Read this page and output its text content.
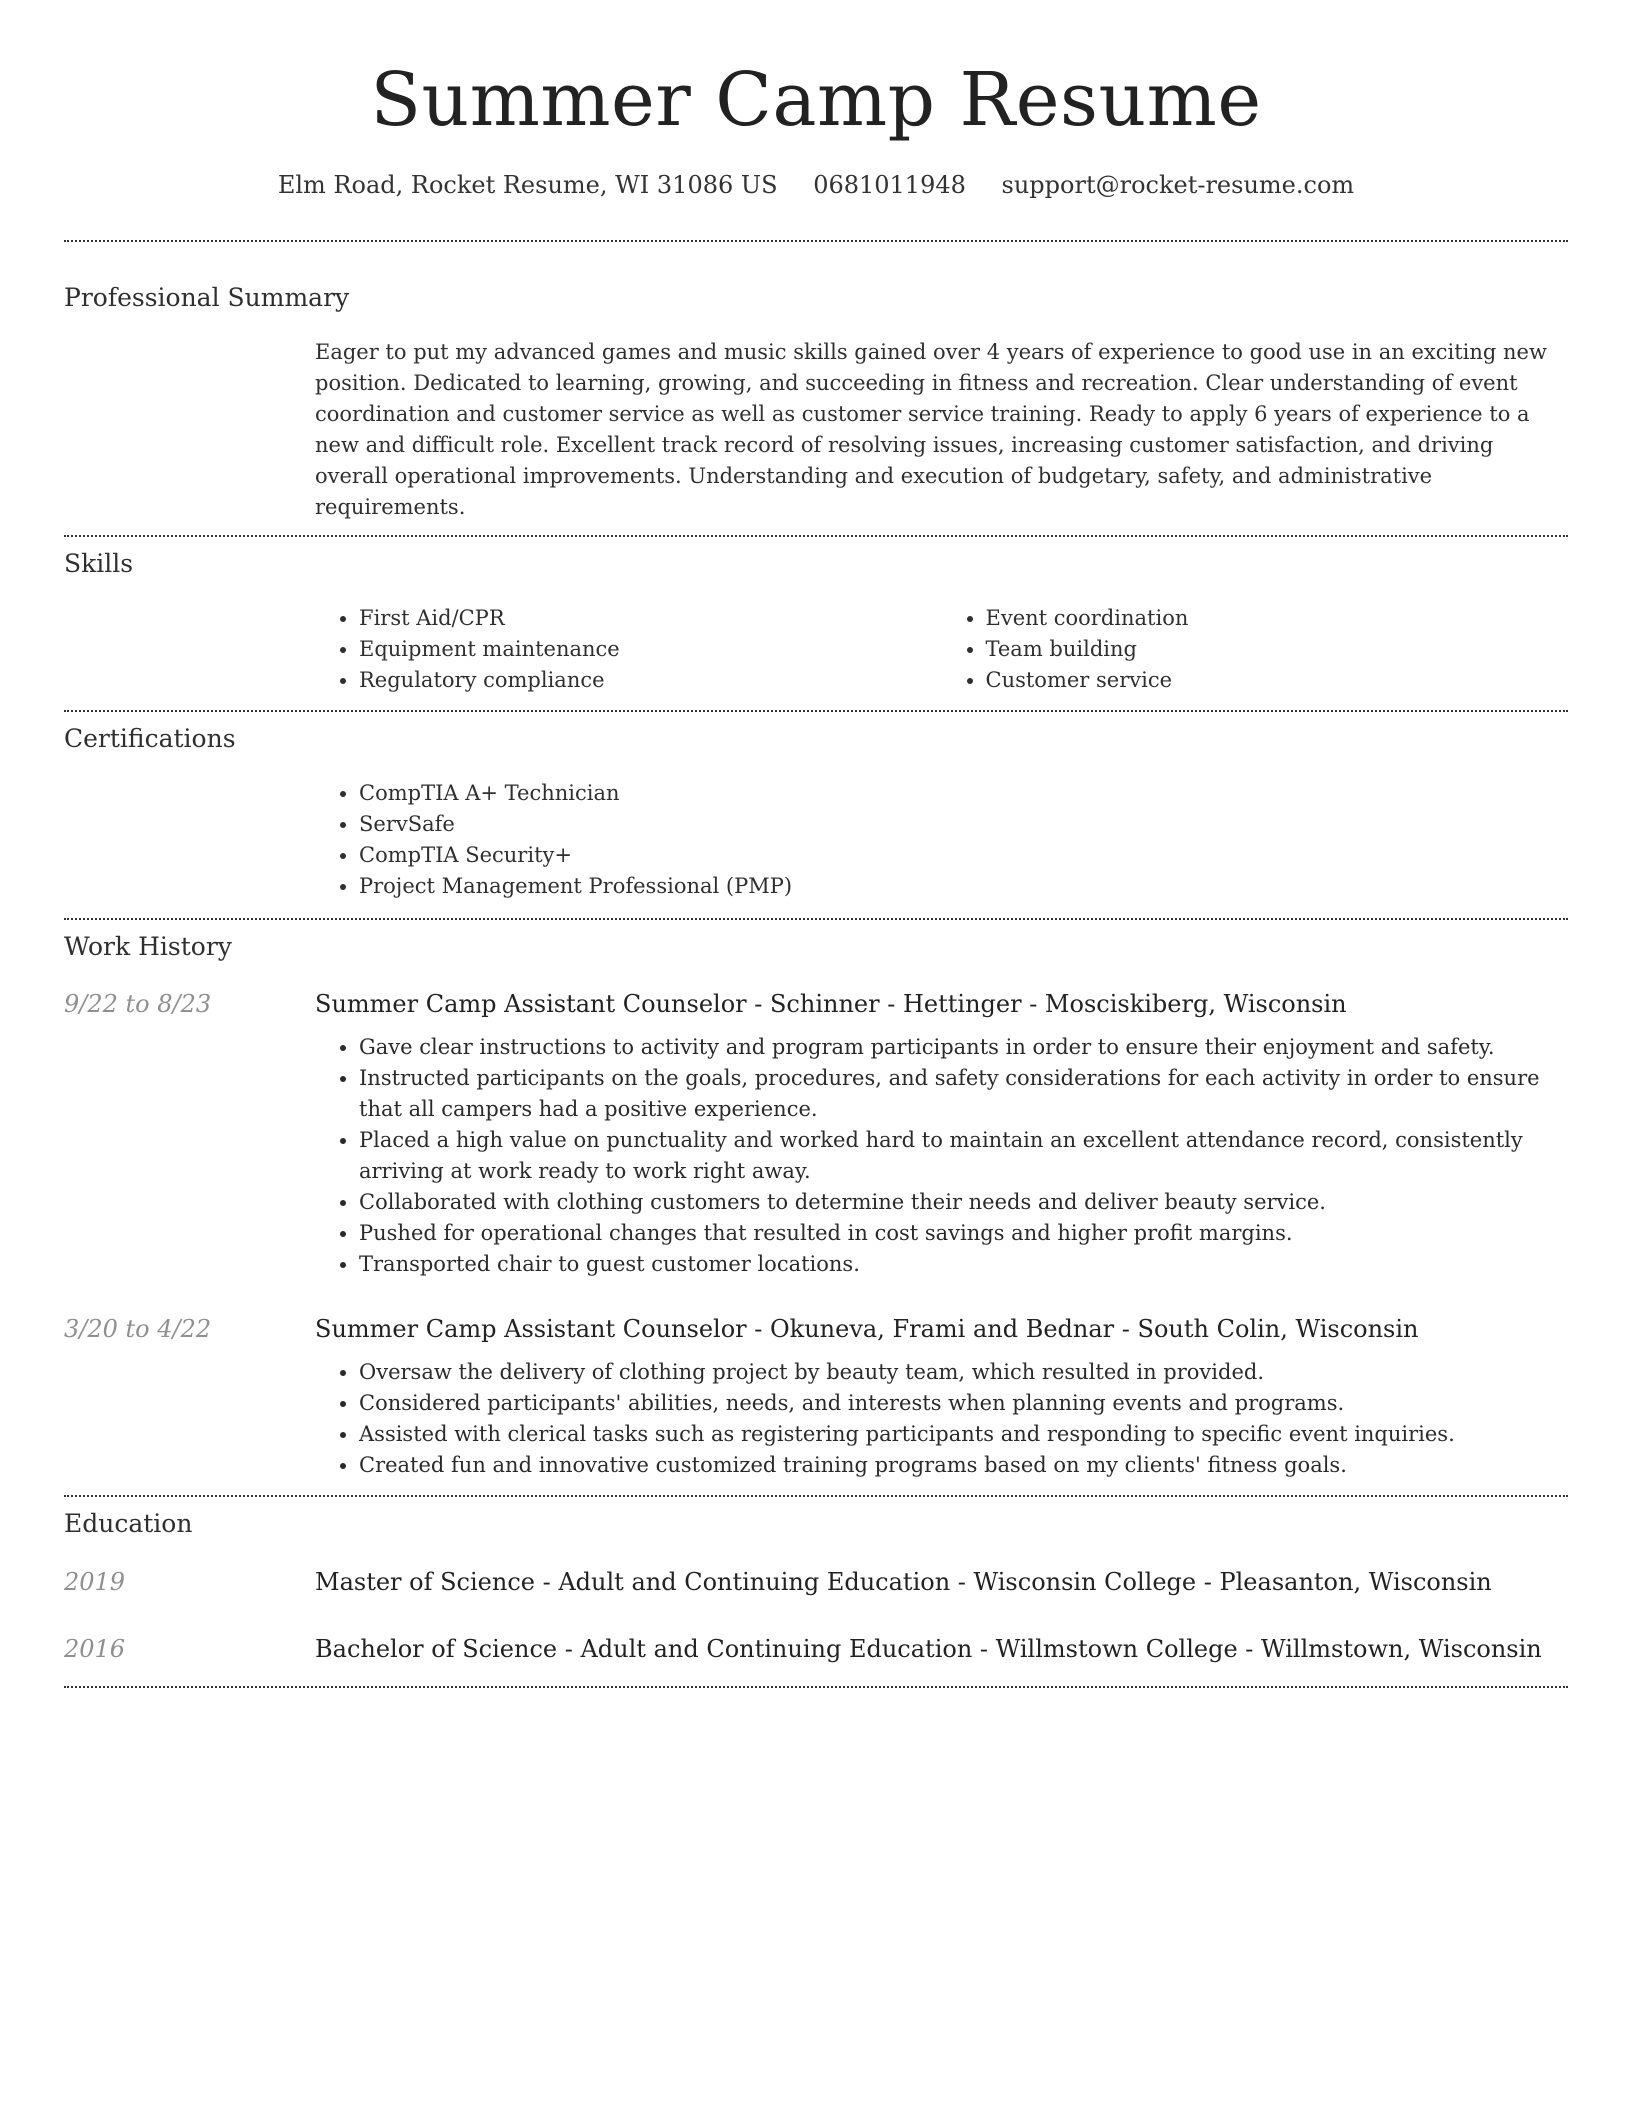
Summer Camp Resume
Elm Road, Rocket Resume, WI 31086 US 0681011948 support@rocket-resume.com
Professional Summary
Eager to put my advanced games and music skills gained over 4 years of experience to good use in an exciting new position. Dedicated to learning, growing, and succeeding in fitness and recreation. Clear understanding of event coordination and customer service as well as customer service training. Ready to apply 6 years of experience to a new and difficult role. Excellent track record of resolving issues, increasing customer satisfaction, and driving overall operational improvements. Understanding and execution of budgetary, safety, and administrative requirements.
Skills
• First Aid/CPR
• Equipment maintenance
• Regulatory compliance
• Event coordination
• Team building
• Customer service
Certifications
• CompTIA A+ Technician
• ServSafe
• CompTIA Security+
• Project Management Professional (PMP)
Work History
9/22 to 8/23	Summer Camp Assistant Counselor - Schinner - Hettinger - Mosciskiberg, Wisconsin
• Gave clear instructions to activity and program participants in order to ensure their enjoyment and safety.
• Instructed participants on the goals, procedures, and safety considerations for each activity in order to ensure that all campers had a positive experience.
• Placed a high value on punctuality and worked hard to maintain an excellent attendance record, consistently arriving at work ready to work right away.
• Collaborated with clothing customers to determine their needs and deliver beauty service.
• Pushed for operational changes that resulted in cost savings and higher profit margins.
• Transported chair to guest customer locations.
3/20 to 4/22	Summer Camp Assistant Counselor - Okuneva, Frami and Bednar - South Colin, Wisconsin
• Oversaw the delivery of clothing project by beauty team, which resulted in provided.
• Considered participants' abilities, needs, and interests when planning events and programs.
• Assisted with clerical tasks such as registering participants and responding to specific event inquiries.
• Created fun and innovative customized training programs based on my clients' fitness goals.
Education
2019	Master of Science - Adult and Continuing Education - Wisconsin College - Pleasanton, Wisconsin
2016	Bachelor of Science - Adult and Continuing Education - Willmstown College - Willmstown, Wisconsin
